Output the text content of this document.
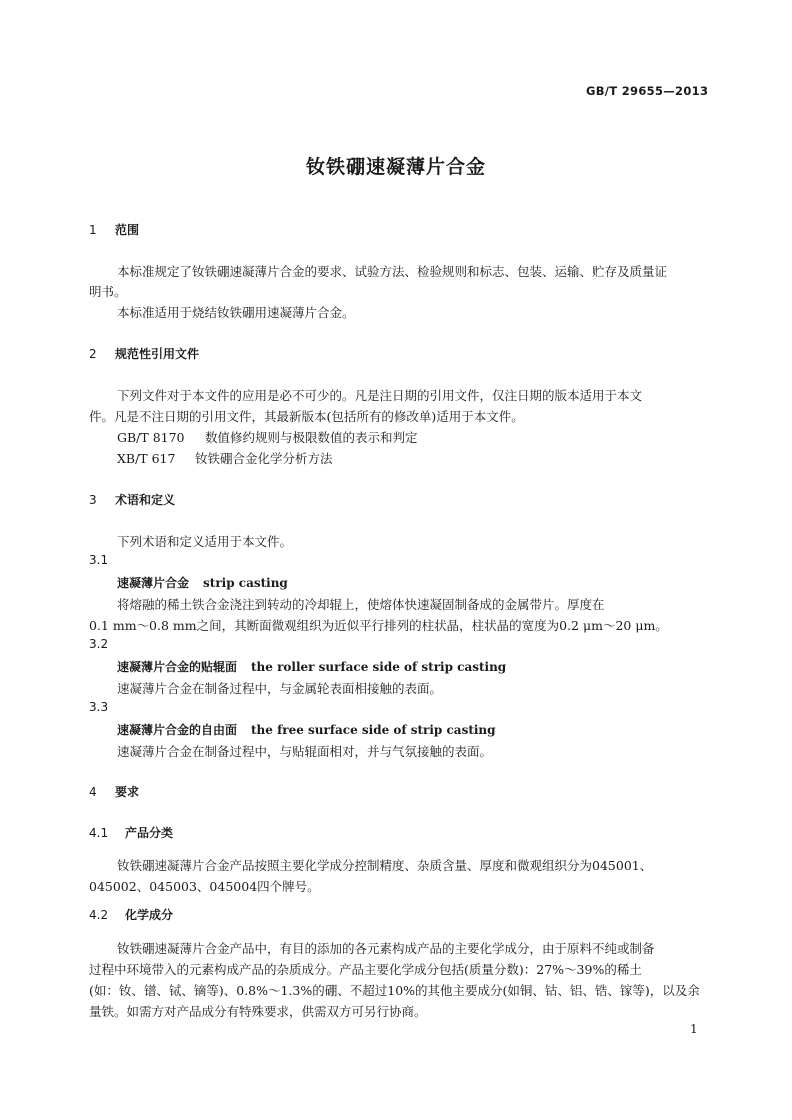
GB/T 29655—2013
钕铁硼速凝薄片合金
1 范围
本标准规定了钕铁硼速凝薄片合金的要求、试验方法、检验规则和标志、包装、运输、贮存及质量证
明书。
本标准适用于烧结钕铁硼用速凝薄片合金。
2 规范性引用文件
下列文件对于本文件的应用是必不可少的。凡是注日期的引用文件，仅注日期的版本适用于本文
件。凡是不注日期的引用文件，其最新版本(包括所有的修改单)适用于本文件。
GB/T 8170 数值修约规则与极限数值的表示和判定
XB/T 617 钕铁硼合金化学分析方法
3 术语和定义
下列术语和定义适用于本文件。
3.1
速凝薄片合金 strip casting
将熔融的稀土铁合金浇注到转动的冷却辊上，使熔体快速凝固制备成的金属带片。厚度在
0.1 mm～0.8 mm之间，其断面微观组织为近似平行排列的柱状晶，柱状晶的宽度为0.2 μm～20 μm。
3.2
速凝薄片合金的贴辊面 the roller surface side of strip casting
速凝薄片合金在制备过程中，与金属轮表面相接触的表面。
3.3
速凝薄片合金的自由面 the free surface side of strip casting
速凝薄片合金在制备过程中，与贴辊面相对，并与气氛接触的表面。
4 要求
4.1 产品分类
钕铁硼速凝薄片合金产品按照主要化学成分控制精度、杂质含量、厚度和微观组织分为045001、
045002、045003、045004四个牌号。
4.2 化学成分
钕铁硼速凝薄片合金产品中，有目的添加的各元素构成产品的主要化学成分，由于原料不纯或制备
过程中环境带入的元素构成产品的杂质成分。产品主要化学成分包括(质量分数)：27%～39%的稀土
(如：钕、镨、铽、镝等)、0.8%～1.3%的硼、不超过10%的其他主要成分(如铜、钴、铝、锆、镓等)，以及余
量铁。如需方对产品成分有特殊要求，供需双方可另行协商。
1
